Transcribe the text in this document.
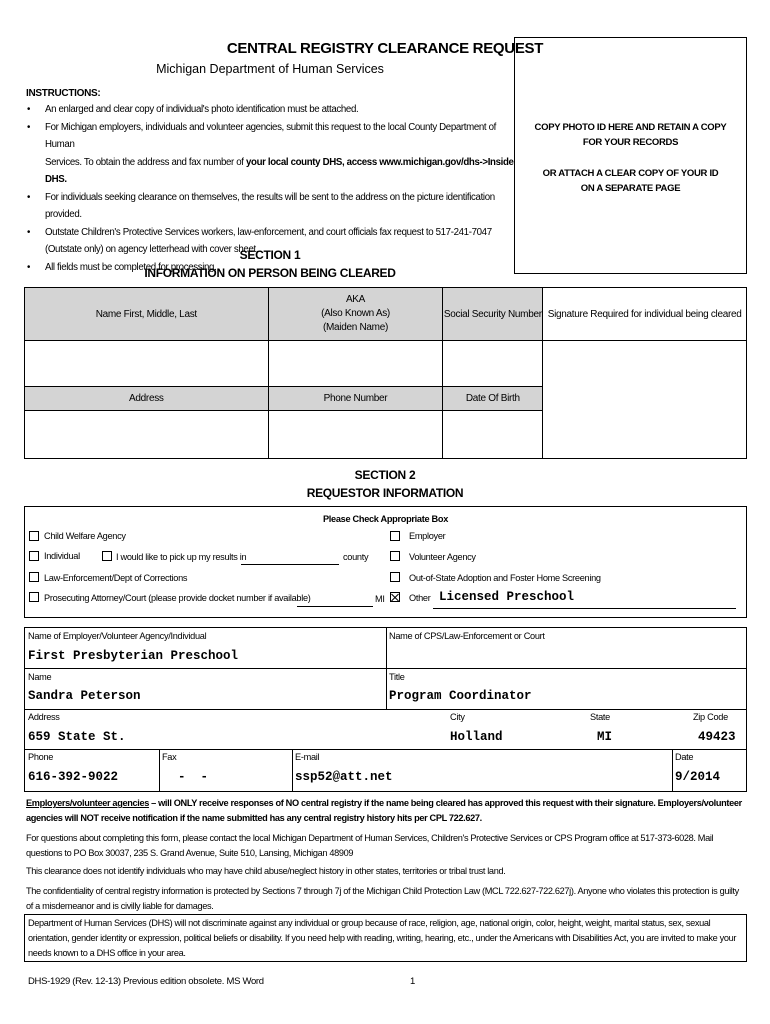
CENTRAL REGISTRY CLEARANCE REQUEST
Michigan Department of Human Services
INSTRUCTIONS:
• An enlarged and clear copy of individual's photo identification must be attached.
• For Michigan employers, individuals and volunteer agencies, submit this request to the local County Department of Human
Services. To obtain the address and fax number of your local county DHS, access www.michigan.gov/dhs->Inside DHS.
• For individuals seeking clearance on themselves, the results will be sent to the address on the picture identification provided.
• Outstate Children's Protective Services workers, law-enforcement, and court officials fax request to 517-241-7047
(Outstate only) on agency letterhead with cover sheet.
• All fields must be completed for processing.
COPY PHOTO ID HERE AND RETAIN A COPY
FOR YOUR RECORDS
OR ATTACH A CLEAR COPY OF YOUR ID
ON A SEPARATE PAGE
SECTION 1
INFORMATION ON PERSON BEING CLEARED
Name First, Middle, Last	AKA
(Also Known As)
(Maiden Name)	Social Security Number	Signature Required for individual being cleared

Address	Phone Number	Date Of Birth	

SECTION 2
REQUESTOR INFORMATION
Please Check Appropriate Box
Child Welfare Agency
Individual	I would like to pick up my results in	county
Law-Enforcement/Dept of Corrections
Prosecuting Attorney/Court (please provide docket number if available)	MI
Employer
Volunteer Agency
Out-of-State Adoption and Foster Home Screening
Other Licensed Preschool
Name of Employer/Volunteer Agency/Individual
First Presbyterian Preschool
Name of CPS/Law-Enforcement or Court
Name
Sandra Peterson
Title
Program Coordinator
Address
659 State St.
City
Holland
State
MI
Zip Code
49423
Phone
616-392-9022
Fax
-  -
E-mail
ssp52@att.net
Date
9/2014
Employers/volunteer agencies – will ONLY receive responses of NO central registry if the name being cleared has approved this request with their signature. Employers/volunteer agencies will NOT receive notification if the name submitted has any central registry history hits per CPL 722.627.
For questions about completing this form, please contact the local Michigan Department of Human Services, Children's Protective Services or CPS Program office at 517-373-6028. Mail questions to PO Box 30037, 235 S. Grand Avenue, Suite 510, Lansing, Michigan 48909
This clearance does not identify individuals who may have child abuse/neglect history in other states, territories or tribal trust land.
The confidentiality of central registry information is protected by Sections 7 through 7j of the Michigan Child Protection Law (MCL 722.627-722.627j). Anyone who violates this protection is guilty of a misdemeanor and is civilly liable for damages.
Department of Human Services (DHS) will not discriminate against any individual or group because of race, religion, age, national origin, color, height, weight, marital status, sex, sexual orientation, gender identity or expression, political beliefs or disability. If you need help with reading, writing, hearing, etc., under the Americans with Disabilities Act, you are invited to make your needs known to a DHS office in your area.
DHS-1929 (Rev. 12-13) Previous edition obsolete. MS Word	1
